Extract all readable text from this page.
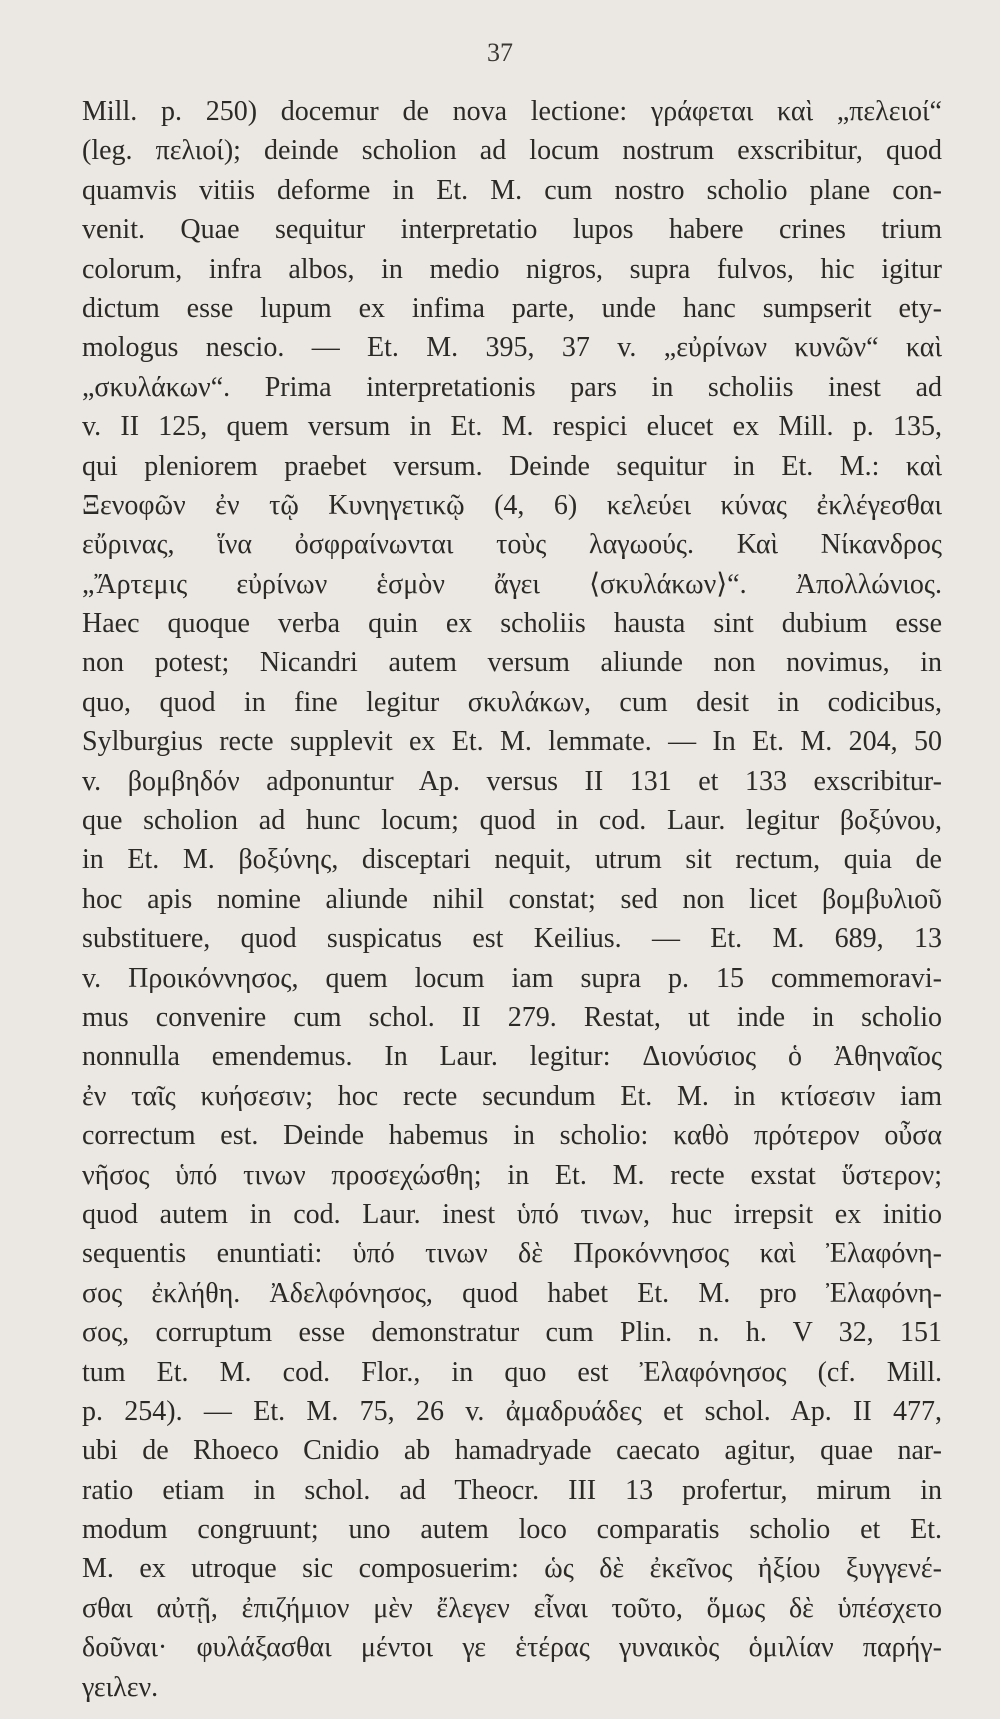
37
Mill. p. 250) docemur de nova lectione: γράφεται καὶ „πελειοί“
(leg. πελιοί); deinde scholion ad locum nostrum exscribitur, quod
quamvis vitiis deforme in Et. M. cum nostro scholio plane con-
venit. Quae sequitur interpretatio lupos habere crines trium
colorum, infra albos, in medio nigros, supra fulvos, hic igitur
dictum esse lupum ex infima parte, unde hanc sumpserit ety-
mologus nescio. — Et. M. 395, 37 v. „εὐρίνων κυνῶν“ καὶ
„σκυλάκων“. Prima interpretationis pars in scholiis inest ad
v. II 125, quem versum in Et. M. respici elucet ex Mill. p. 135,
qui pleniorem praebet versum. Deinde sequitur in Et. M.: καὶ
Ξενοφῶν ἐν τῷ Κυνηγετικῷ (4, 6) κελεύει κύνας ἐκλέγεσθαι
εὔρινας, ἵνα ὀσφραίνωνται τοὺς λαγωούς. Καὶ Νίκανδρος
„Ἄρτεμις εὐρίνων ἑσμὸν ἄγει ⟨σκυλάκων⟩“. Ἀπολλώνιος.
Haec quoque verba quin ex scholiis hausta sint dubium esse
non potest; Nicandri autem versum aliunde non novimus, in
quo, quod in fine legitur σκυλάκων, cum desit in codicibus,
Sylburgius recte supplevit ex Et. M. lemmate. — In Et. M. 204, 50
v. βομβηδόν adponuntur Ap. versus II 131 et 133 exscribitur-
que scholion ad hunc locum; quod in cod. Laur. legitur βοξύνου,
in Et. M. βοξύνης, disceptari nequit, utrum sit rectum, quia de
hoc apis nomine aliunde nihil constat; sed non licet βομβυλιοῦ
substituere, quod suspicatus est Keilius. — Et. M. 689, 13
v. Προικόννησος, quem locum iam supra p. 15 commemoravi-
mus convenire cum schol. II 279. Restat, ut inde in scholio
nonnulla emendemus. In Laur. legitur: Διονύσιος ὁ Ἀθηναῖος
ἐν ταῖς κυήσεσιν; hoc recte secundum Et. M. in κτίσεσιν iam
correctum est. Deinde habemus in scholio: καθὸ πρότερον οὖσα
νῆσος ὑπό τινων προσεχώσθη; in Et. M. recte exstat ὕστερον;
quod autem in cod. Laur. inest ὑπό τινων, huc irrepsit ex initio
sequentis enuntiati: ὑπό τινων δὲ Προκόννησος καὶ Ἐλαφόνη-
σος ἐκλήθη. Ἀδελφόνησος, quod habet Et. M. pro Ἐλαφόνη-
σος, corruptum esse demonstratur cum Plin. n. h. V 32, 151
tum Et. M. cod. Flor., in quo est Ἐλαφόνησος (cf. Mill.
p. 254). — Et. M. 75, 26 v. ἀμαδρυάδες et schol. Ap. II 477,
ubi de Rhoeco Cnidio ab hamadryade caecato agitur, quae nar-
ratio etiam in schol. ad Theocr. III 13 profertur, mirum in
modum congruunt; uno autem loco comparatis scholio et Et.
M. ex utroque sic composuerim: ὡς δὲ ἐκεῖνος ἠξίου ξυγγενέ-
σθαι αὐτῇ, ἐπιζήμιον μὲν ἔλεγεν εἶναι τοῦτο, ὅμως δὲ ὑπέσχετο
δοῦναι· φυλάξασθαι μέντοι γε ἑτέρας γυναικὸς ὁμιλίαν παρήγ-
γειλεν.
